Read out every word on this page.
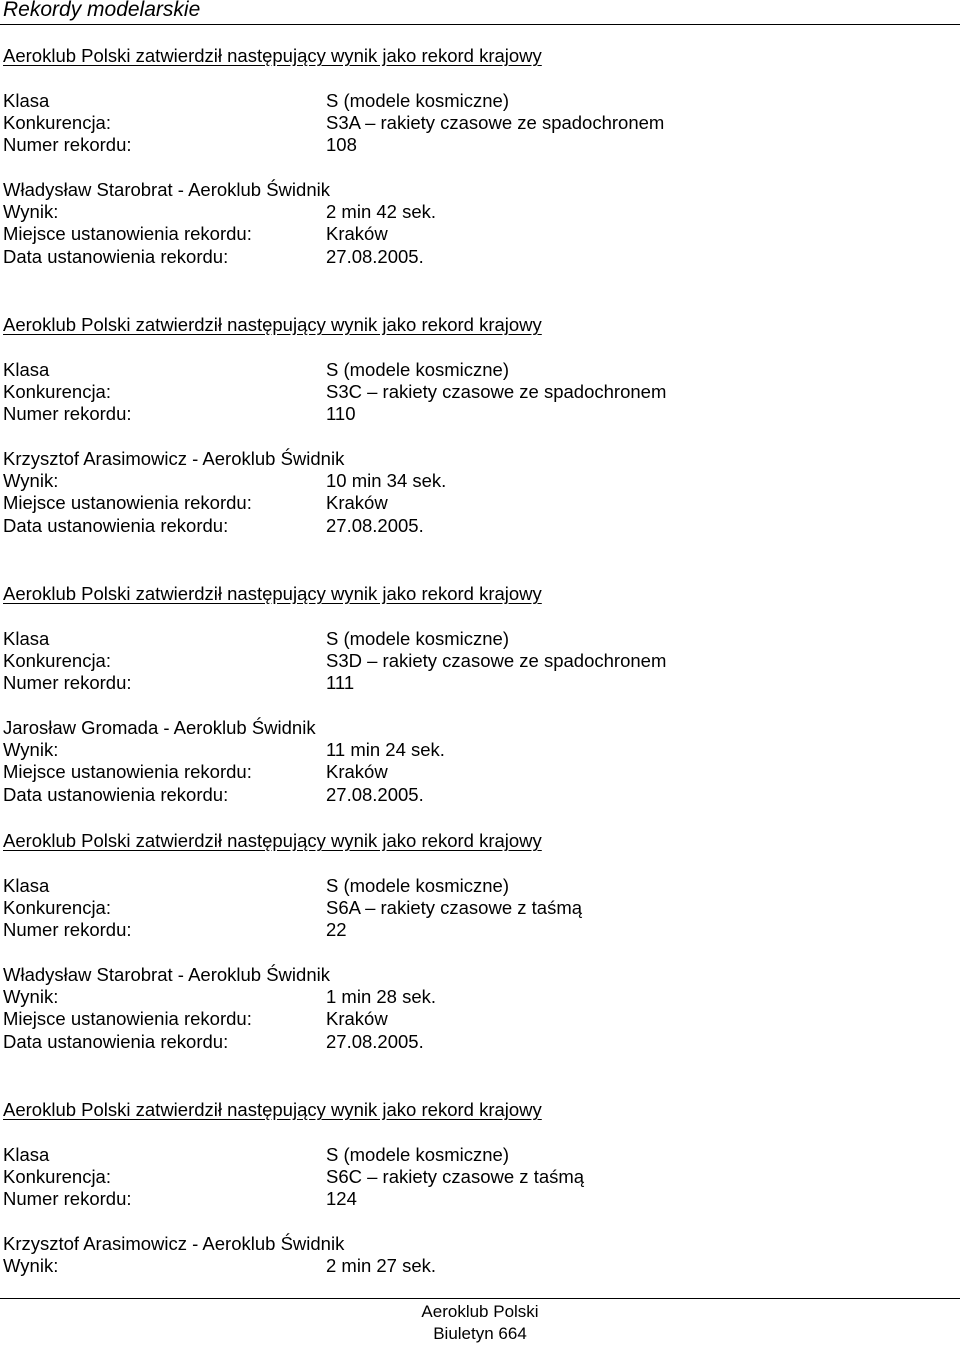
Rekordy modelarskie
Aeroklub Polski zatwierdził następujący wynik jako rekord krajowy
Klasa	S (modele kosmiczne)
Konkurencja:	S3A – rakiety czasowe ze spadochronem
Numer rekordu:	108
Władysław Starobrat - Aeroklub Świdnik
Wynik:	2 min 42 sek.
Miejsce ustanowienia rekordu:	Kraków
Data ustanowienia rekordu:	27.08.2005.
Aeroklub Polski zatwierdził następujący wynik jako rekord krajowy
Klasa	S (modele kosmiczne)
Konkurencja:	S3C – rakiety czasowe ze spadochronem
Numer rekordu:	110
Krzysztof Arasimowicz - Aeroklub Świdnik
Wynik:	10 min 34 sek.
Miejsce ustanowienia rekordu:	Kraków
Data ustanowienia rekordu:	27.08.2005.
Aeroklub Polski zatwierdził następujący wynik jako rekord krajowy
Klasa	S (modele kosmiczne)
Konkurencja:	S3D – rakiety czasowe ze spadochronem
Numer rekordu:	111
Jarosław Gromada - Aeroklub Świdnik
Wynik:	11 min 24 sek.
Miejsce ustanowienia rekordu:	Kraków
Data ustanowienia rekordu:	27.08.2005.
Aeroklub Polski zatwierdził następujący wynik jako rekord krajowy
Klasa	S (modele kosmiczne)
Konkurencja:	S6A – rakiety czasowe z taśmą
Numer rekordu:	22
Władysław Starobrat - Aeroklub Świdnik
Wynik:	1 min 28 sek.
Miejsce ustanowienia rekordu:	Kraków
Data ustanowienia rekordu:	27.08.2005.
Aeroklub Polski zatwierdził następujący wynik jako rekord krajowy
Klasa	S (modele kosmiczne)
Konkurencja:	S6C – rakiety czasowe z taśmą
Numer rekordu:	124
Krzysztof Arasimowicz - Aeroklub Świdnik
Wynik:	2 min 27 sek.
Aeroklub Polski
Biuletyn 664
